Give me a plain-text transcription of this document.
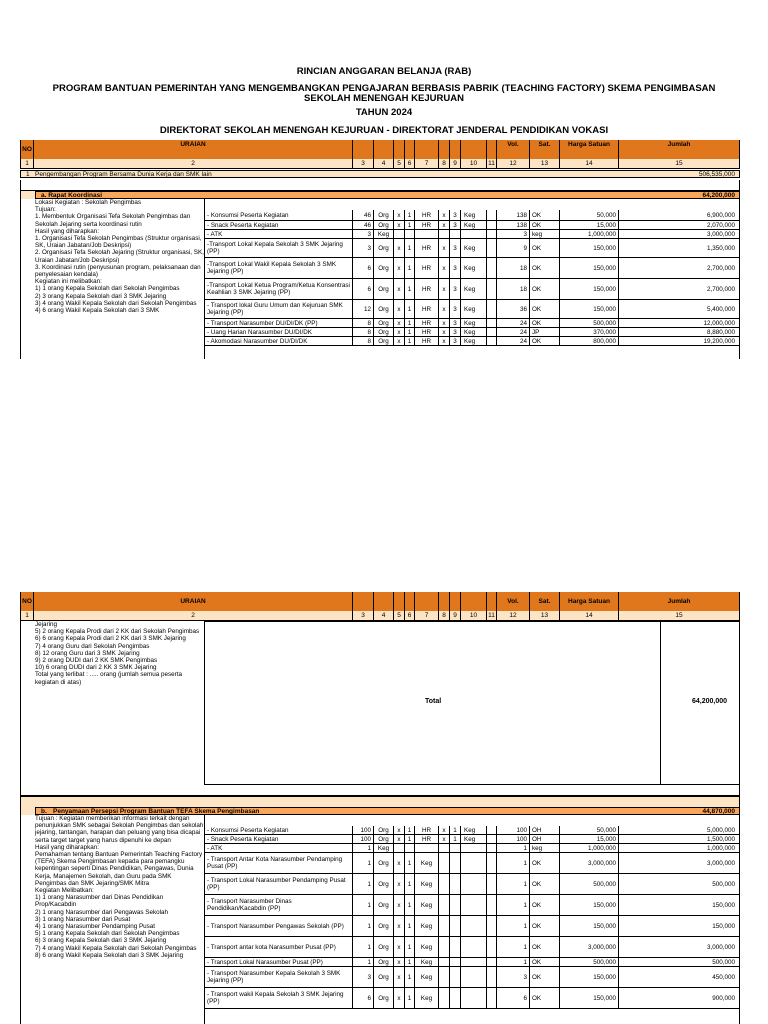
RINCIAN ANGGARAN BELANJA (RAB)
PROGRAM BANTUAN PEMERINTAH YANG MENGEMBANGKAN PENGAJARAN BERBASIS PABRIK (TEACHING FACTORY) SKEMA PENGIMBASAN SEKOLAH MENENGAH KEJURUAN
TAHUN 2024
DIREKTORAT SEKOLAH MENENGAH KEJURUAN - DIREKTORAT JENDERAL PENDIDIKAN VOKASI
NO
URAIAN	Vol.	Sat.	Harga Satuan	Jumlah
1	2	3	4	5	6	7	8	9	10	11	12	13	14	15
1 Pengembangan Program Bersama Dunia Kerja dan SMK lain	506,535,000
a. Rapat Koordinasi	64,200,000
Lokasi Kegiatan : Sekolah Pengimbas
Tujuan:
1. Membentuk Organisasi Tefa Sekolah Pengimbas dan Sekolah Jejaring serta koordinasi rutin
Hasil yang diharapkan:
1. Organisasi Tefa Sekolah Pengimbas (Struktur organisasi, SK, Uraian Jabatan/Job Deskripsi)
2. Organisasi Tefa Sekolah Jejaring (Struktur organisasi, SK, Uraian Jabatan/Job Deskripsi)
3. Koordinasi rutin (penyusunan program, pelaksanaan dan penyelesaian kendala)
Kegiatan ini melibatkan:
1) 1 orang Kepala Sekolah dari Sekolah Pengimbas
2) 3 orang Kepala Sekolah dari 3 SMK Jejaring
3) 4 orang Wakil Kepala Sekolah dari Sekolah Pengimbas
4) 6 orang Wakil Kepala Sekolah dari 3 SMK
- Konsumsi Peserta Kegiatan	46	Org	x	1	HR	x	3	Keg	138 OK	50,000	6,900,000
- Snack Peserta Kegiatan	46	Org	x	1	HR	x	3	Keg	138 OK	15,000	2,070,000
- ATK	3	Keg	3 keg	1,000,000	3,000,000
-Transport Lokal Kepala Sekolah 3 SMK Jejaring (PP)	3	Org	x	1	HR	x	3	Keg	9 OK	150,000	1,350,000
-Transport Lokal Wakil Kepala Sekolah 3 SMK Jejaring (PP)	6	Org	x	1	HR	x	3	Keg	18 OK	150,000	2,700,000
-Transport Lokal Ketua Program/Ketua Konsentrasi Keahlian 3 SMK Jejaring (PP)	6	Org	x	1	HR	x	3	Keg	18 OK	150,000	2,700,000
- Transport lokal Guru Umum dan Kejuruan SMK Jejaring (PP)	12	Org	x	1	HR	x	3	Keg	36 OK	150,000	5,400,000
- Transport Narasumber DU/DI/DK (PP)	8	Org	x	1	HR	x	3	Keg	24 OK	500,000	12,000,000
- Uang Harian Narasumber DU/DI/DK	8	Org	x	1	HR	x	3	Keg	24 JP	370,000	8,880,000
- Akomodasi Narasumber DU/DI/DK	8	Org	x	1	HR	x	3	Keg	24 OK	800,000	19,200,000
NO	URAIAN	Vol.	Sat.	Harga Satuan	Jumlah
1	2	3	4	5	6	7	8	9	10	11	12	13	14	15
Jejaring
5) 2 orang Kepala Prodi dari 2 KK dari Sekolah Pengimbas
6) 6 orang Kepala Prodi dari 2 KK dari 3 SMK Jejaring
7) 4 orang Guru dari Sekolah Pengimbas
8) 12 orang Guru dari 3 SMK Jejaring
9) 2 orang DUDI dari 2 KK SMK Pengimbas
10) 6 orang DUDI dari 2 KK 3 SMK Jejaring
Total yang terlibat : ..... orang (jumlah semua peserta kegiatan di atas)
Total	64,200,000
b. Penyamaan Persepsi Program Bantuan TEFA Skema Pengimbasan	44,870,000
Tujuan : Kegiatan memberikan informasi terkait dengan penunjukkan SMK sebagai Sekolah Pengimbas dan sekolah jejaring, tantangan, harapan dan peluang yang bisa dicapai serta target target yang harus dipenuhi ke depan
Hasil yang diharapkan:
Pemahaman tentang Bantuan Pemerintah Teaching Factory (TEFA) Skema Pengimbasan kepada para pemangku kepentingan seperti Dinas Pendidikan, Pengawas, Dunia Kerja, Manajemen Sekolah, dan Guru pada SMK Pengimbas dan SMK Jejaring/SMK Mitra
Kegiatan Melibatkan:
1) 1 orang Narasumber dari Dinas Pendidikan Prop/Kacabdin
2) 1 orang Narasumber dari Pengawas Sekolah
3) 1 orang Narasumber dari Pusat
4) 1 orang Narasumber Pendamping Pusat
5) 1 orang Kepala Sekolah dari Sekolah Pengimbas
6) 3 orang Kepala Sekolah dari 3 SMK Jejaring
7) 4 orang Wakil Kepala Sekolah dari Sekolah Pengimbas
8) 6 orang Wakil Kepala Sekolah dari 3 SMK Jejaring
- Konsumsi Peserta Kegiatan	100	Org	x	1	HR	x	1	Keg	100 OH	50,000	5,000,000
- Snack Peserta Kegiatan	100	Org	x	1	HR	x	1	Keg	100 OH	15,000	1,500,000
- ATK	1	Keg	1 keg	1,000,000	1,000,000
- Transport Antar Kota Narasumber Pendamping Pusat (PP)	1	Org	x	1	Keg	1 OK	3,000,000	3,000,000
- Transport Lokal Narasumber Pendamping Pusat (PP)	1	Org	x	1	Keg	1 OK	500,000	500,000
- Transport Narasumber Dinas Pendidikan/Kacabdin (PP)	1	Org	x	1	Keg	1 OK	150,000	150,000
- Transport Narasumber Pengawas Sekolah (PP)	1	Org	x	1	Keg	1 OK	150,000	150,000
- Transport antar kota Narasumber Pusat (PP)	1	Org	x	1	Keg	1 OK	3,000,000	3,000,000
- Transport Lokal Narasumber Pusat (PP)	1	Org	x	1	Keg	1 OK	500,000	500,000
- Transport Narasumber Kepala Sekolah 3 SMK Jejaring (PP)	3	Org	x	1	Keg	3 OK	150,000	450,000
- Transport wakil Kepala Sekolah 3 SMK Jejaring (PP)	6	Org	x	1	Keg	6 OK	150,000	900,000
